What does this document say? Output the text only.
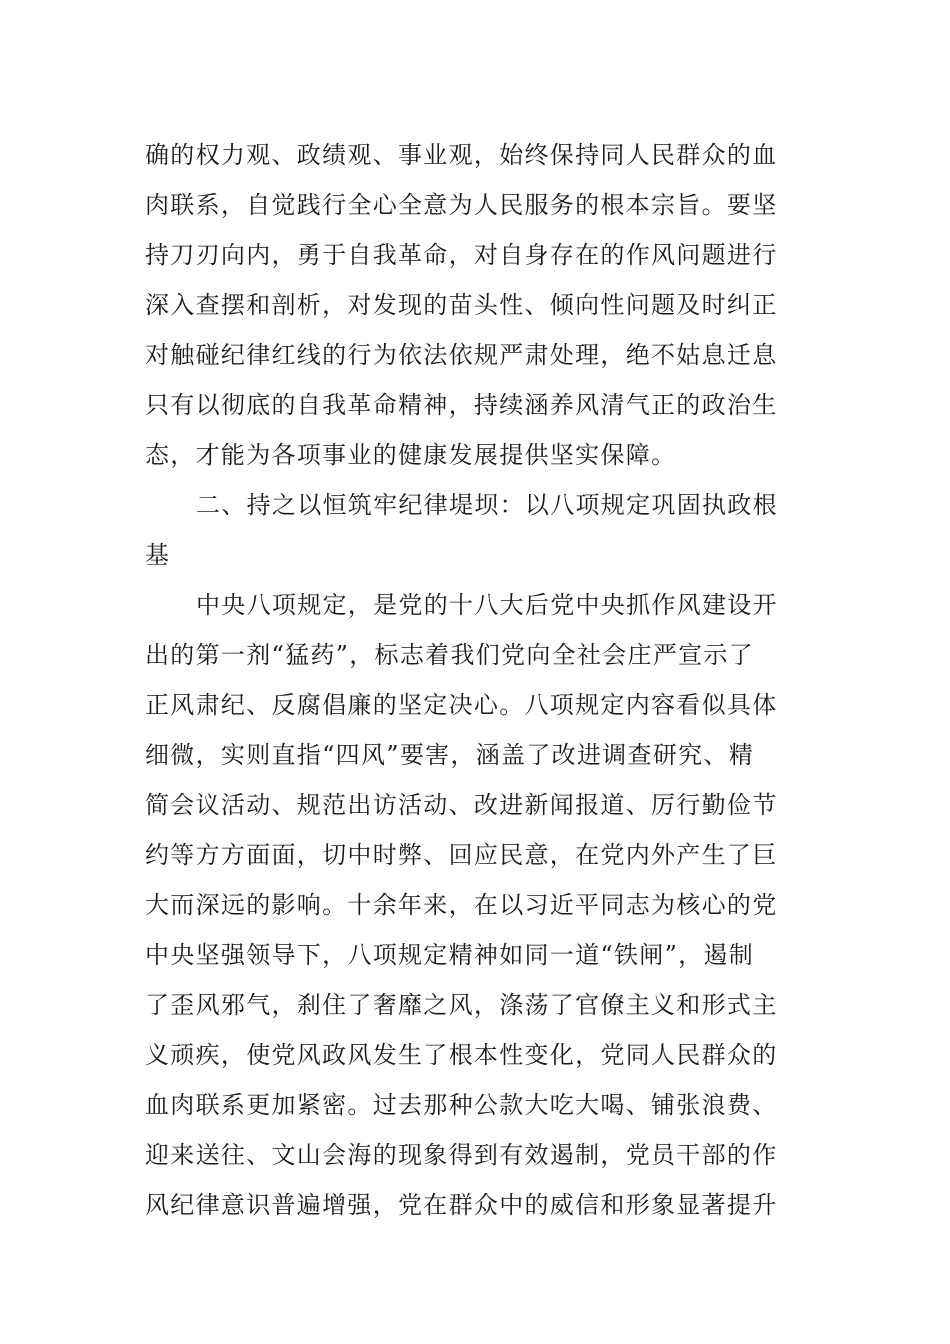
确的权力观、政绩观、事业观，始终保持同人民群众的血
肉联系，自觉践行全心全意为人民服务的根本宗旨。要坚
持刀刃向内，勇于自我革命，对自身存在的作风问题进行
深入查摆和剖析，对发现的苗头性、倾向性问题及时纠正
对触碰纪律红线的行为依法依规严肃处理，绝不姑息迁息
只有以彻底的自我革命精神，持续涵养风清气正的政治生
态，才能为各项事业的健康发展提供坚实保障。
二、持之以恒筑牢纪律堤坝：以八项规定巩固执政根
基
中央八项规定，是党的十八大后党中央抓作风建设开
出的第一剂“猛药”，标志着我们党向全社会庄严宣示了
正风肃纪、反腐倡廉的坚定决心。八项规定内容看似具体
细微，实则直指“四风”要害，涵盖了改进调查研究、精
简会议活动、规范出访活动、改进新闻报道、厉行勤俭节
约等方方面面，切中时弊、回应民意，在党内外产生了巨
大而深远的影响。十余年来，在以习近平同志为核心的党
中央坚强领导下，八项规定精神如同一道“铁闸”，遏制
了歪风邪气，刹住了奢靡之风，涤荡了官僚主义和形式主
义顽疾，使党风政风发生了根本性变化，党同人民群众的
血肉联系更加紧密。过去那种公款大吃大喝、铺张浪费、
迎来送往、文山会海的现象得到有效遏制，党员干部的作
风纪律意识普遍增强，党在群众中的威信和形象显著提升
